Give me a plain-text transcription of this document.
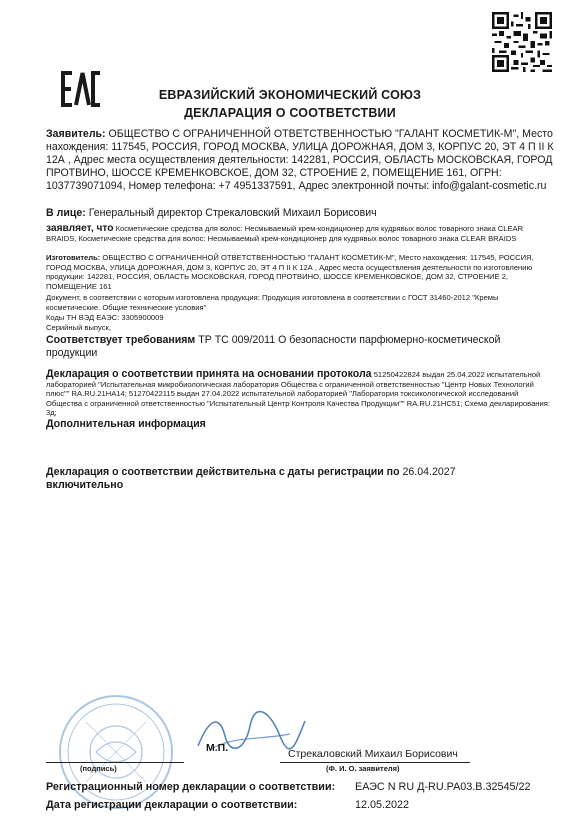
ЕВРАЗИЙСКИЙ ЭКОНОМИЧЕСКИЙ СОЮЗ
ДЕКЛАРАЦИЯ О СООТВЕТСТВИИ

Заявитель: ОБЩЕСТВО С ОГРАНИЧЕННОЙ ОТВЕТСТВЕННОСТЬЮ "ГАЛАНТ КОСМЕТИК-М", Место нахождения: 117545, РОССИЯ, ГОРОД МОСКВА, УЛИЦА ДОРОЖНАЯ, ДОМ 3, КОРПУС 20, ЭТ 4 П II К 12А , Адрес места осуществления деятельности: 142281, РОССИЯ, ОБЛАСТЬ МОСКОВСКАЯ, ГОРОД ПРОТВИНО, ШОССЕ КРЕМЕНКОВСКОЕ, ДОМ 32, СТРОЕНИЕ 2, ПОМЕЩЕНИЕ 161, ОГРН: 1037739071094, Номер телефона: +7 4951337591, Адрес электронной почты: info@galant-cosmetic.ru

В лице: Генеральный директор Стрекаловский Михаил Борисович

заявляет, что Косметические средства для волос: Несмываемый крем-кондиционер для кудрявых волос товарного знака CLEAR BRAIDS, Косметические средства для волос: Несмываемый крем-кондиционер для кудрявых волос товарного знака CLEAR BRAIDS

Изготовитель: ОБЩЕСТВО С ОГРАНИЧЕННОЙ ОТВЕТСТВЕННОСТЬЮ "ГАЛАНТ КОСМЕТИК-М", Место нахождения: 117545, РОССИЯ, ГОРОД МОСКВА, УЛИЦА ДОРОЖНАЯ, ДОМ 3, КОРПУС 20, ЭТ 4 П II К 12А , Адрес места осуществления деятельности по изготовлению продукции: 142281, РОССИЯ, ОБЛАСТЬ МОСКОВСКАЯ, ГОРОД ПРОТВИНО, ШОССЕ КРЕМЕНКОВСКОЕ, ДОМ 32, СТРОЕНИЕ 2, ПОМЕЩЕНИЕ 161

Документ, в соответствии с которым изготовлена продукция: Продукция изготовлена в соответствии с ГОСТ 31460-2012 "Кремы косметические. Общие технические условия"

Коды ТН ВЭД ЕАЭС: 3305900009

Серийный выпуск,

Соответствует требованиям ТР ТС 009/2011 О безопасности парфюмерно-косметической продукции

Декларация о соответствии принята на основании протокола 51250422824 выдан 25.04.2022 испытательной лабораторией "Испытательная микробиологическая лаборатория Общества с ограниченной ответственностью "Центр Новых Технологий плюс"" RA.RU.21НА14; 51270422115 выдан 27.04.2022 испытательной лабораторией "Лаборатория токсикологической исследований Общества с ограниченной ответственностью "Испытательный Центр Контроля Качества Продукции"" RA.RU.21НС51; Схема декларирования: 3д;

Дополнительная информация

Декларация о соответствии действительна с даты регистрации по 26.04.2027
включительно

М.П.	Стрекаловский Михаил Борисович
(подпись)	(Ф. И. О. заявителя)
Регистрационный номер декларации о соответствии:	ЕАЭС N RU Д-RU.РА03.В.32545/22
Дата регистрации декларации о соответствии:	12.05.2022
